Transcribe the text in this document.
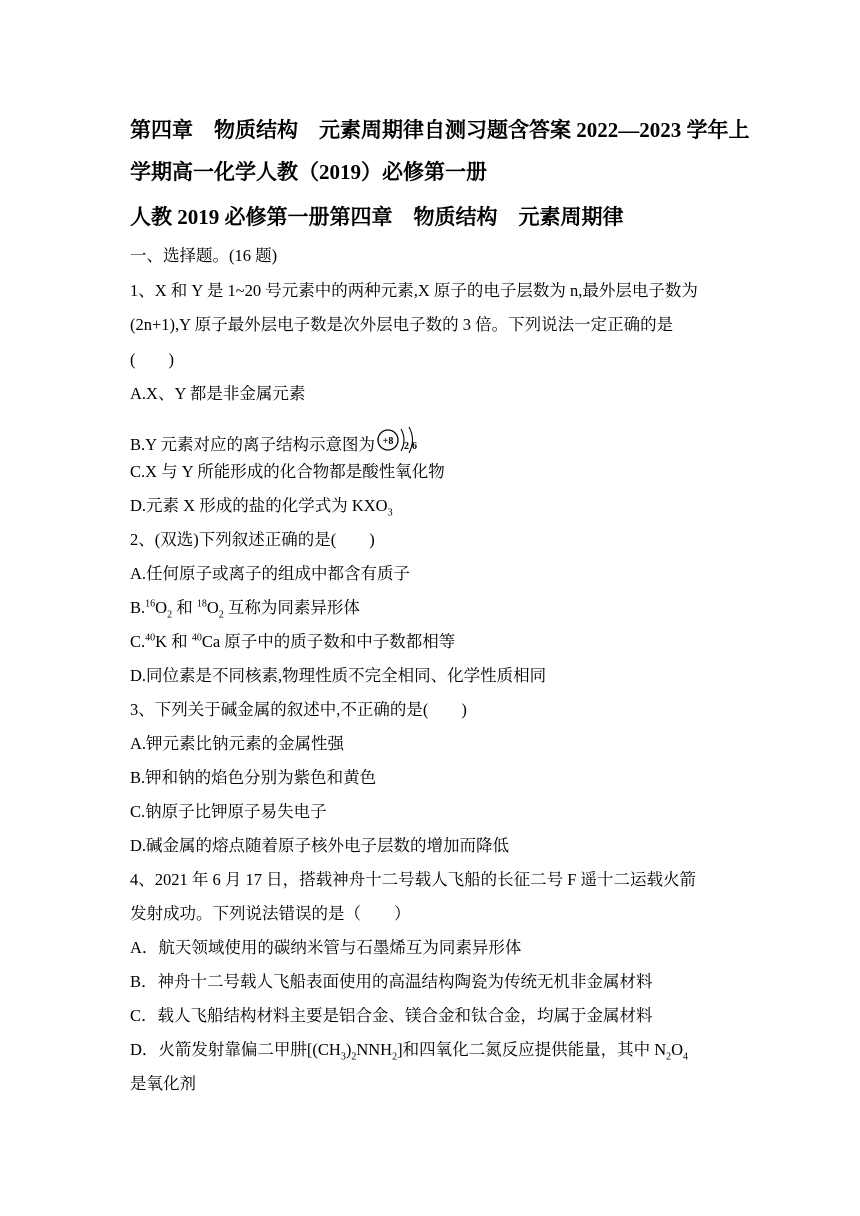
第四章　物质结构　元素周期律自测习题含答案 2022—2023 学年上
学期高一化学人教（2019）必修第一册
人教 2019 必修第一册第四章　物质结构　元素周期律
一、选择题。(16 题)
1、X 和 Y 是 1~20 号元素中的两种元素,X 原子的电子层数为 n,最外层电子数为
(2n+1),Y 原子最外层电子数是次外层电子数的 3 倍。下列说法一定正确的是
(　　)
A.X、Y 都是非金属元素
B.Y 元素对应的离子结构示意图为 +8 2 6
C.X 与 Y 所能形成的化合物都是酸性氧化物
D.元素 X 形成的盐的化学式为 $KXO_3$
2、(双选)下列叙述正确的是(　　)
A.任何原子或离子的组成中都含有质子
$B.^{16}O_2$ 和 $^{18}O_2$ 互称为同素异形体
C.$^{40}$K 和 $^{40}$Ca 原子中的质子数和中子数都相等
D.同位素是不同核素,物理性质不完全相同、化学性质相同
3、下列关于碱金属的叙述中,不正确的是(　　)
A.钾元素比钠元素的金属性强
B.钾和钠的焰色分别为紫色和黄色
C.钠原子比钾原子易失电子
D.碱金属的熔点随着原子核外电子层数的增加而降低
4、2021 年 6 月 17 日，搭载神舟十二号载人飞船的长征二号 F 遥十二运载火箭
发射成功。下列说法错误的是（　　）
A．航天领域使用的碳纳米管与石墨烯互为同素异形体
B．神舟十二号载人飞船表面使用的高温结构陶瓷为传统无机非金属材料
C．载人飞船结构材料主要是铝合金、镁合金和钛合金，均属于金属材料
D．火箭发射靠偏二甲肼$[(CH_3)_2NNH_2]$和四氧化二氮反应提供能量，其中 $N_2O_4$
是氧化剂
